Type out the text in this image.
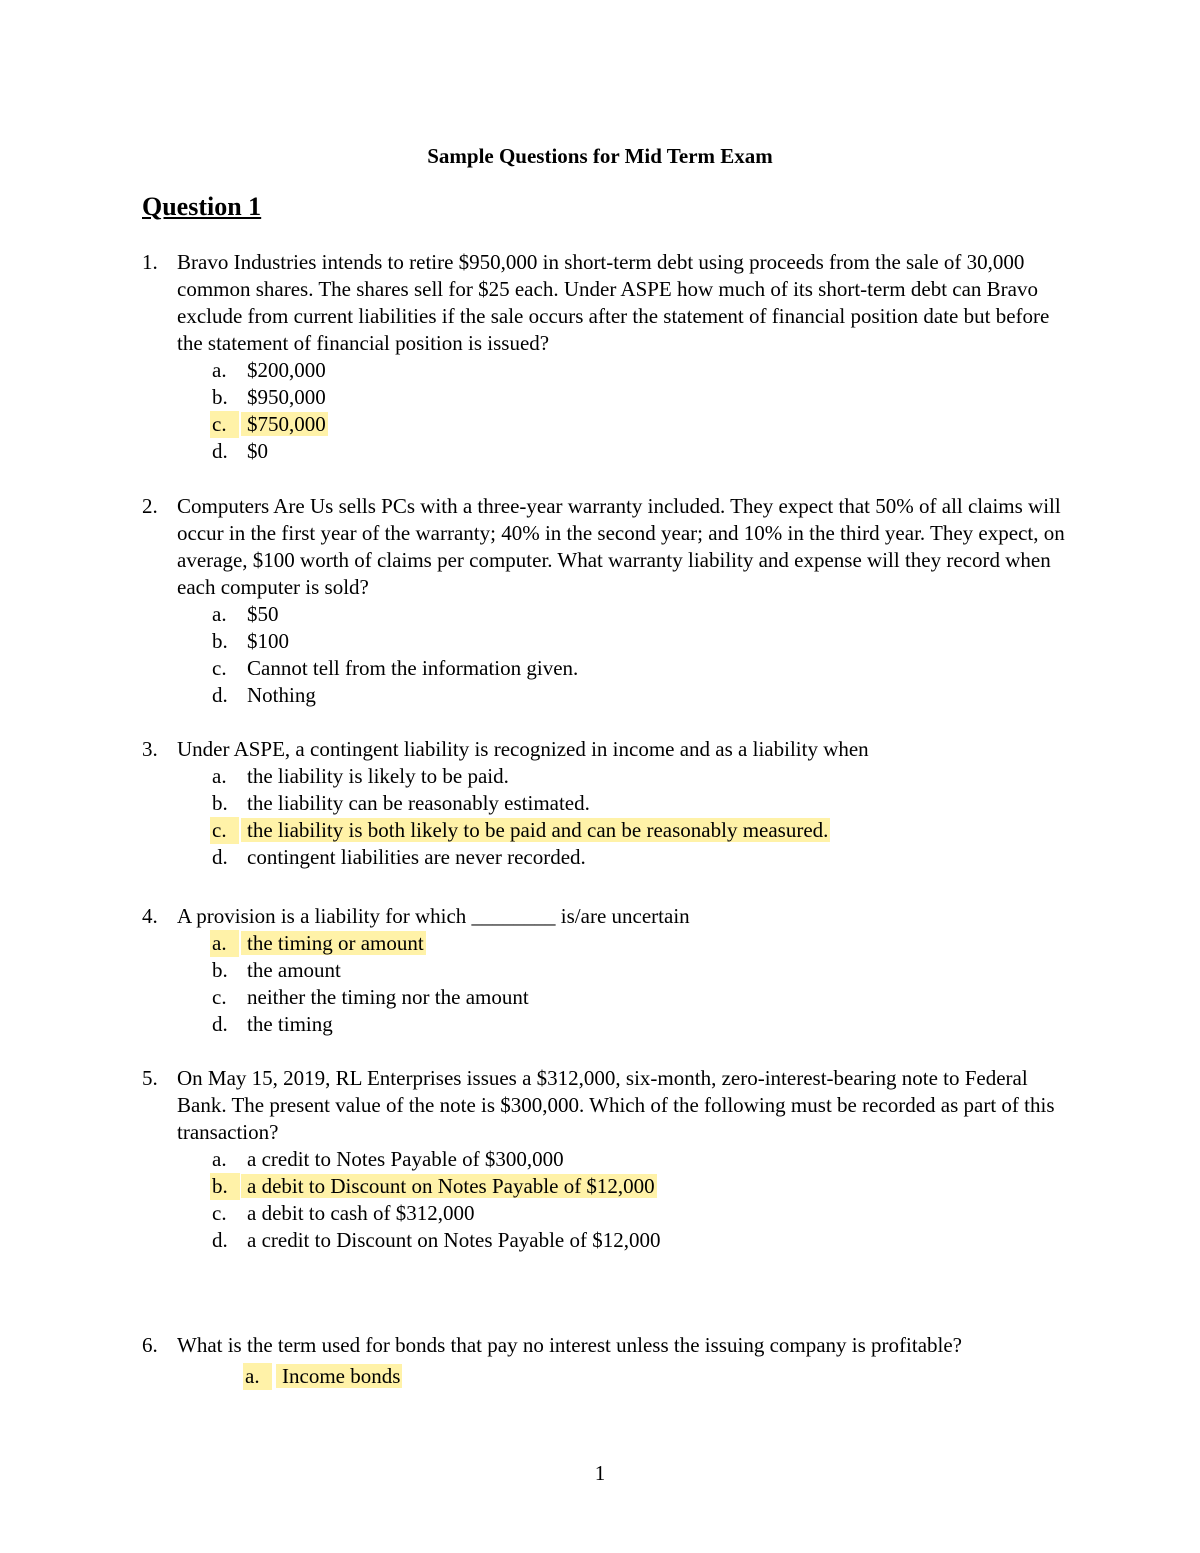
Sample Questions for Mid Term Exam
Question 1
1. Bravo Industries intends to retire $950,000 in short-term debt using proceeds from the sale of 30,000 common shares. The shares sell for $25 each. Under ASPE how much of its short-term debt can Bravo exclude from current liabilities if the sale occurs after the statement of financial position date but before the statement of financial position is issued?
a. $200,000
b. $950,000
c. $750,000
d. $0
2. Computers Are Us sells PCs with a three-year warranty included. They expect that 50% of all claims will occur in the first year of the warranty; 40% in the second year; and 10% in the third year. They expect, on average, $100 worth of claims per computer. What warranty liability and expense will they record when each computer is sold?
a. $50
b. $100
c. Cannot tell from the information given.
d. Nothing
3. Under ASPE, a contingent liability is recognized in income and as a liability when
a. the liability is likely to be paid.
b. the liability can be reasonably estimated.
c. the liability is both likely to be paid and can be reasonably measured.
d. contingent liabilities are never recorded.
4. A provision is a liability for which ________ is/are uncertain
a. the timing or amount
b. the amount
c. neither the timing nor the amount
d. the timing
5. On May 15, 2019, RL Enterprises issues a $312,000, six-month, zero-interest-bearing note to Federal Bank. The present value of the note is $300,000. Which of the following must be recorded as part of this transaction?
a. a credit to Notes Payable of $300,000
b. a debit to Discount on Notes Payable of $12,000
c. a debit to cash of $312,000
d. a credit to Discount on Notes Payable of $12,000
6. What is the term used for bonds that pay no interest unless the issuing company is profitable?
a.	Income bonds
1
